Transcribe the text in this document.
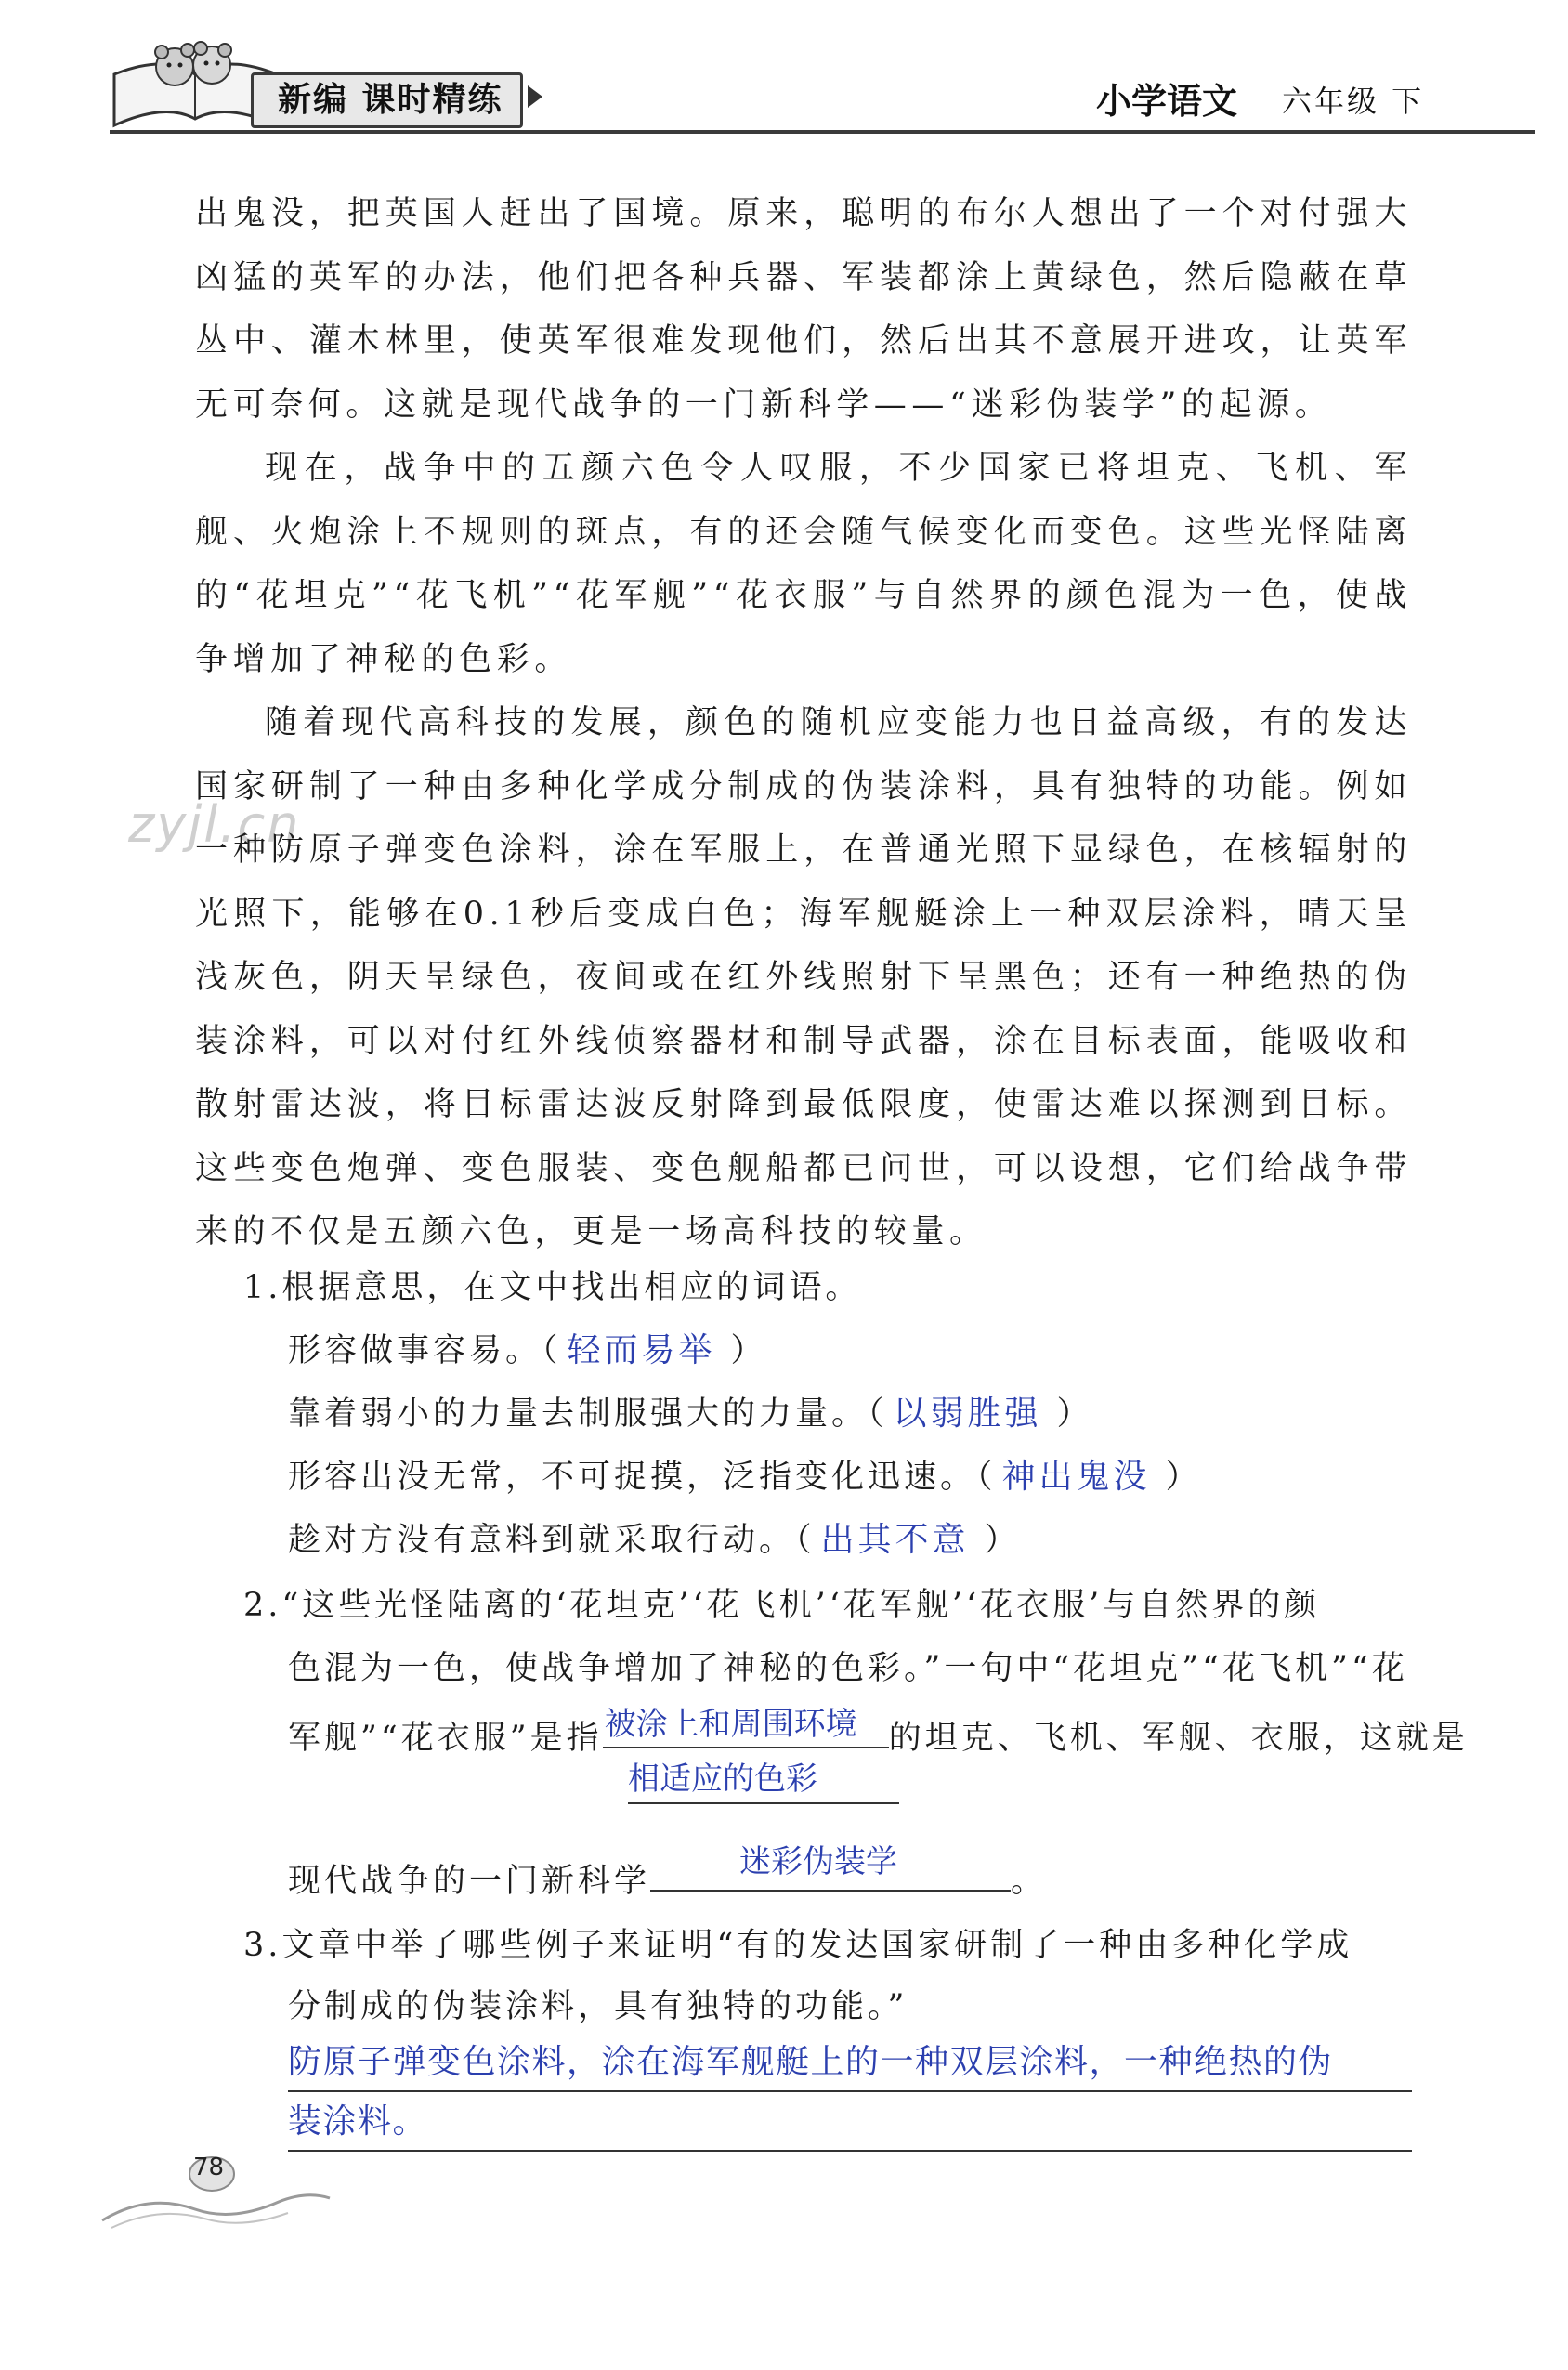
新编 课时精练	小学语文 六年级 下
zyjl.cn

出鬼没，把英国人赶出了国境。原来，聪明的布尔人想出了一个对付强大凶猛的英军的办法，他们把各种兵器、军装都涂上黄绿色，然后隐蔽在草丛中、灌木林里，使英军很难发现他们，然后出其不意展开进攻，让英军无可奈何。这就是现代战争的一门新科学——“迷彩伪装学”的起源。

现在，战争中的五颜六色令人叹服，不少国家已将坦克、飞机、军舰、火炮涂上不规则的斑点，有的还会随气候变化而变色。这些光怪陆离的“花坦克”“花飞机”“花军舰”“花衣服”与自然界的颜色混为一色，使战争增加了神秘的色彩。

随着现代高科技的发展，颜色的随机应变能力也日益高级，有的发达国家研制了一种由多种化学成分制成的伪装涂料，具有独特的功能。例如一种防原子弹变色涂料，涂在军服上，在普通光照下显绿色，在核辐射的光照下，能够在0.1秒后变成白色；海军舰艇涂上一种双层涂料，晴天呈浅灰色，阴天呈绿色，夜间或在红外线照射下呈黑色；还有一种绝热的伪装涂料，可以对付红外线侦察器材和制导武器，涂在目标表面，能吸收和散射雷达波，将目标雷达波反射降到最低限度，使雷达难以探测到目标。这些变色炮弹、变色服装、变色舰船都已问世，可以设想，它们给战争带来的不仅是五颜六色，更是一场高科技的较量。

1.根据意思，在文中找出相应的词语。
形容做事容易。（ 轻而易举 ）
靠着弱小的力量去制服强大的力量。（ 以弱胜强 ）
形容出没无常，不可捉摸，泛指变化迅速。（ 神出鬼没 ）
趁对方没有意料到就采取行动。（ 出其不意 ）
2.“这些光怪陆离的‘花坦克’‘花飞机’‘花军舰’‘花衣服’与自然界的颜
色混为一色，使战争增加了神秘的色彩。”一句中“花坦克”“花飞机”“花
军舰”“花衣服”是指 被涂上和周围环境 的坦克、飞机、军舰、衣服，这就是
相适应的色彩
现代战争的一门新科学
迷彩伪装学
。
3.文章中举了哪些例子来证明“有的发达国家研制了一种由多种化学成
分制成的伪装涂料，具有独特的功能。”
防原子弹变色涂料，涂在海军舰艇上的一种双层涂料，一种绝热的伪
装涂料。
78
